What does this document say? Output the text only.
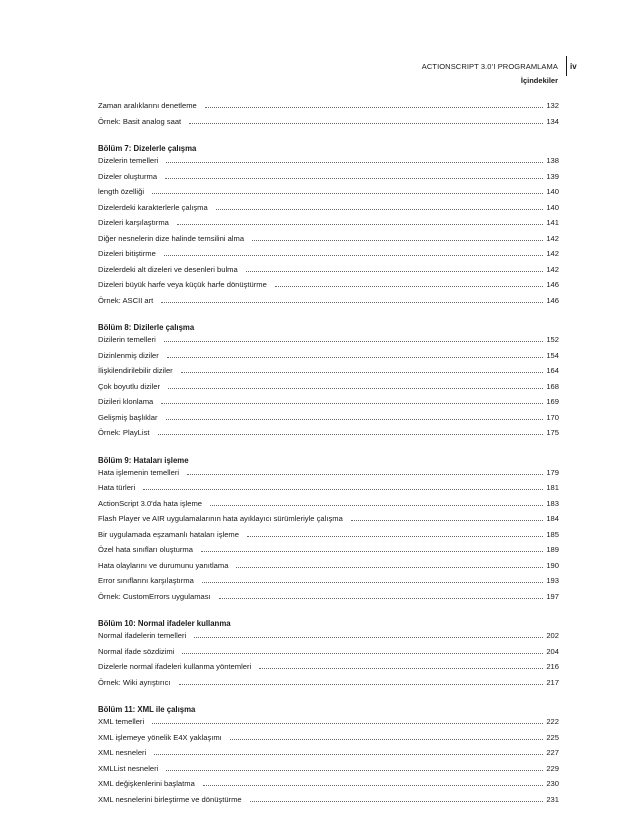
ACTIONSCRIPT 3.0’I PROGRAMLAMA
İçindekiler
iv
Zaman aralıklarını denetleme	132
Örnek: Basit analog saat	134
Bölüm 7: Dizelerle çalışma
Dizelerin temelleri	138
Dizeler oluşturma	139
length özelliği	140
Dizelerdeki karakterlerle çalışma	140
Dizeleri karşılaştırma	141
Diğer nesnelerin dize halinde temsilini alma	142
Dizeleri bitiştirme	142
Dizelerdeki alt dizeleri ve desenleri bulma	142
Dizeleri büyük harfe veya küçük harfe dönüştürme	146
Örnek: ASCII art	146
Bölüm 8: Dizilerle çalışma
Dizilerin temelleri	152
Dizinlenmiş diziler	154
İlişkilendirilebilir diziler	164
Çok boyutlu diziler	168
Dizileri klonlama	169
Gelişmiş başlıklar	170
Örnek: PlayList	175
Bölüm 9: Hataları işleme
Hata işlemenin temelleri	179
Hata türleri	181
ActionScript 3.0'da hata işleme	183
Flash Player ve AIR uygulamalarının hata ayıklayıcı sürümleriyle çalışma	184
Bir uygulamada eşzamanlı hataları işleme	185
Özel hata sınıfları oluşturma	189
Hata olaylarını ve durumunu yanıtlama	190
Error sınıflarını karşılaştırma	193
Örnek: CustomErrors uygulaması	197
Bölüm 10: Normal ifadeler kullanma
Normal ifadelerin temelleri	202
Normal ifade sözdizimi	204
Dizelerle normal ifadeleri kullanma yöntemleri	216
Örnek: Wiki ayrıştırıcı	217
Bölüm 11: XML ile çalışma
XML temelleri	222
XML işlemeye yönelik E4X yaklaşımı	225
XML nesneleri	227
XMLList nesneleri	229
XML değişkenlerini başlatma	230
XML nesnelerini birleştirme ve dönüştürme	231
